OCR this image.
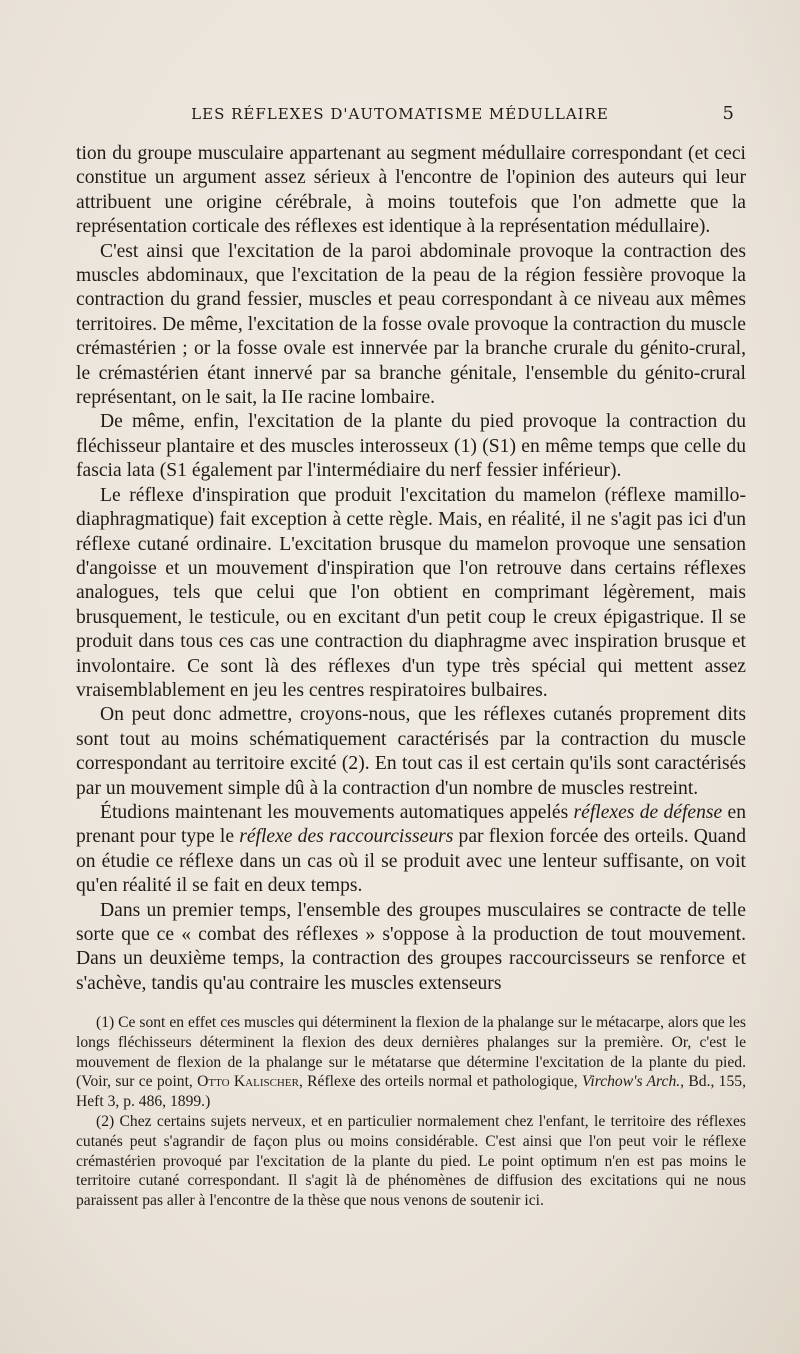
LES RÉFLEXES D'AUTOMATISME MÉDULLAIRE	5

tion du groupe musculaire appartenant au segment médullaire correspondant (et ceci constitue un argument assez sérieux à l'encontre de l'opinion des auteurs qui leur attribuent une origine cérébrale, à moins toutefois que l'on admette que la représentation corticale des réflexes est identique à la représentation médullaire).

C'est ainsi que l'excitation de la paroi abdominale provoque la contraction des muscles abdominaux, que l'excitation de la peau de la région fessière provoque la contraction du grand fessier, muscles et peau correspondant à ce niveau aux mêmes territoires. De même, l'excitation de la fosse ovale provoque la contraction du muscle crémastérien ; or la fosse ovale est innervée par la branche crurale du génito-crural, le crémastérien étant innervé par sa branche génitale, l'ensemble du génito-crural représentant, on le sait, la IIe racine lombaire.

De même, enfin, l'excitation de la plante du pied provoque la contraction du fléchisseur plantaire et des muscles interosseux (1) (S1) en même temps que celle du fascia lata (S1 également par l'intermédiaire du nerf fessier inférieur).

Le réflexe d'inspiration que produit l'excitation du mamelon (réflexe mamillo-diaphragmatique) fait exception à cette règle. Mais, en réalité, il ne s'agit pas ici d'un réflexe cutané ordinaire. L'excitation brusque du mamelon provoque une sensation d'angoisse et un mouvement d'inspiration que l'on retrouve dans certains réflexes analogues, tels que celui que l'on obtient en comprimant légèrement, mais brusquement, le testicule, ou en excitant d'un petit coup le creux épigastrique. Il se produit dans tous ces cas une contraction du diaphragme avec inspiration brusque et involontaire. Ce sont là des réflexes d'un type très spécial qui mettent assez vraisemblablement en jeu les centres respiratoires bulbaires.

On peut donc admettre, croyons-nous, que les réflexes cutanés proprement dits sont tout au moins schématiquement caractérisés par la contraction du muscle correspondant au territoire excité (2). En tout cas il est certain qu'ils sont caractérisés par un mouvement simple dû à la contraction d'un nombre de muscles restreint.

Étudions maintenant les mouvements automatiques appelés réflexes de défense en prenant pour type le réflexe des raccourcisseurs par flexion forcée des orteils. Quand on étudie ce réflexe dans un cas où il se produit avec une lenteur suffisante, on voit qu'en réalité il se fait en deux temps.

Dans un premier temps, l'ensemble des groupes musculaires se contracte de telle sorte que ce « combat des réflexes » s'oppose à la production de tout mouvement. Dans un deuxième temps, la contraction des groupes raccourcisseurs se renforce et s'achève, tandis qu'au contraire les muscles extenseurs

(1) Ce sont en effet ces muscles qui déterminent la flexion de la phalange sur le métacarpe, alors que les longs fléchisseurs déterminent la flexion des deux dernières phalanges sur la première. Or, c'est le mouvement de flexion de la phalange sur le métatarse que détermine l'excitation de la plante du pied. (Voir, sur ce point, Otto Kalischer, Réflexe des orteils normal et pathologique, Virchow's Arch., Bd., 155, Heft 3, p. 486, 1899.)

(2) Chez certains sujets nerveux, et en particulier normalement chez l'enfant, le territoire des réflexes cutanés peut s'agrandir de façon plus ou moins considérable. C'est ainsi que l'on peut voir le réflexe crémastérien provoqué par l'excitation de la plante du pied. Le point optimum n'en est pas moins le territoire cutané correspondant. Il s'agit là de phénomènes de diffusion des excitations qui ne nous paraissent pas aller à l'encontre de la thèse que nous venons de soutenir ici.
